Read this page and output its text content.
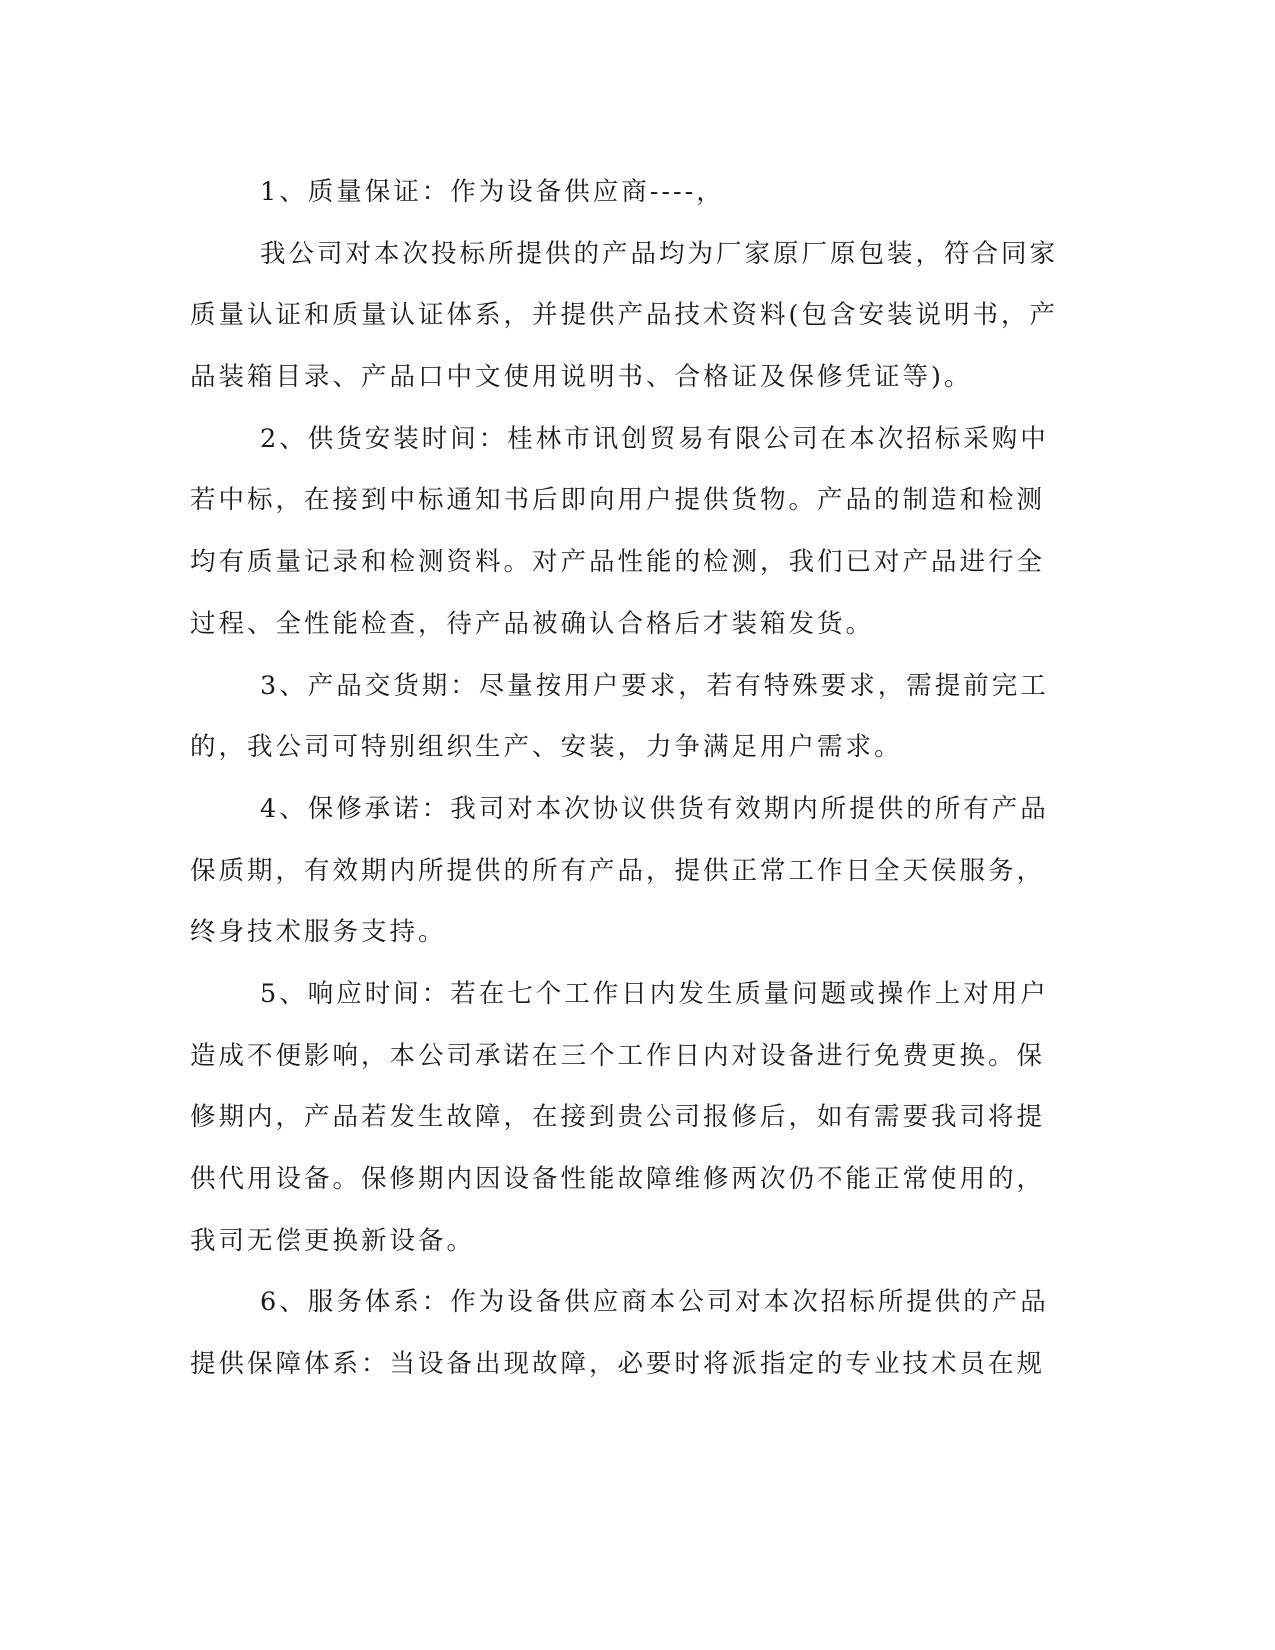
1、质量保证：作为设备供应商----，
我公司对本次投标所提供的产品均为厂家原厂原包装，符合同家
质量认证和质量认证体系，并提供产品技术资料(包含安装说明书，产
品装箱目录、产品口中文使用说明书、合格证及保修凭证等)。
2、供货安装时间：桂林市讯创贸易有限公司在本次招标采购中
若中标，在接到中标通知书后即向用户提供货物。产品的制造和检测
均有质量记录和检测资料。对产品性能的检测，我们已对产品进行全
过程、全性能检查，待产品被确认合格后才装箱发货。
3、产品交货期：尽量按用户要求，若有特殊要求，需提前完工
的，我公司可特别组织生产、安装，力争满足用户需求。
4、保修承诺：我司对本次协议供货有效期内所提供的所有产品
保质期，有效期内所提供的所有产品，提供正常工作日全天侯服务，
终身技术服务支持。
5、响应时间：若在七个工作日内发生质量问题或操作上对用户
造成不便影响，本公司承诺在三个工作日内对设备进行免费更换。保
修期内，产品若发生故障，在接到贵公司报修后，如有需要我司将提
供代用设备。保修期内因设备性能故障维修两次仍不能正常使用的，
我司无偿更换新设备。
6、服务体系：作为设备供应商本公司对本次招标所提供的产品
提供保障体系：当设备出现故障，必要时将派指定的专业技术员在规
